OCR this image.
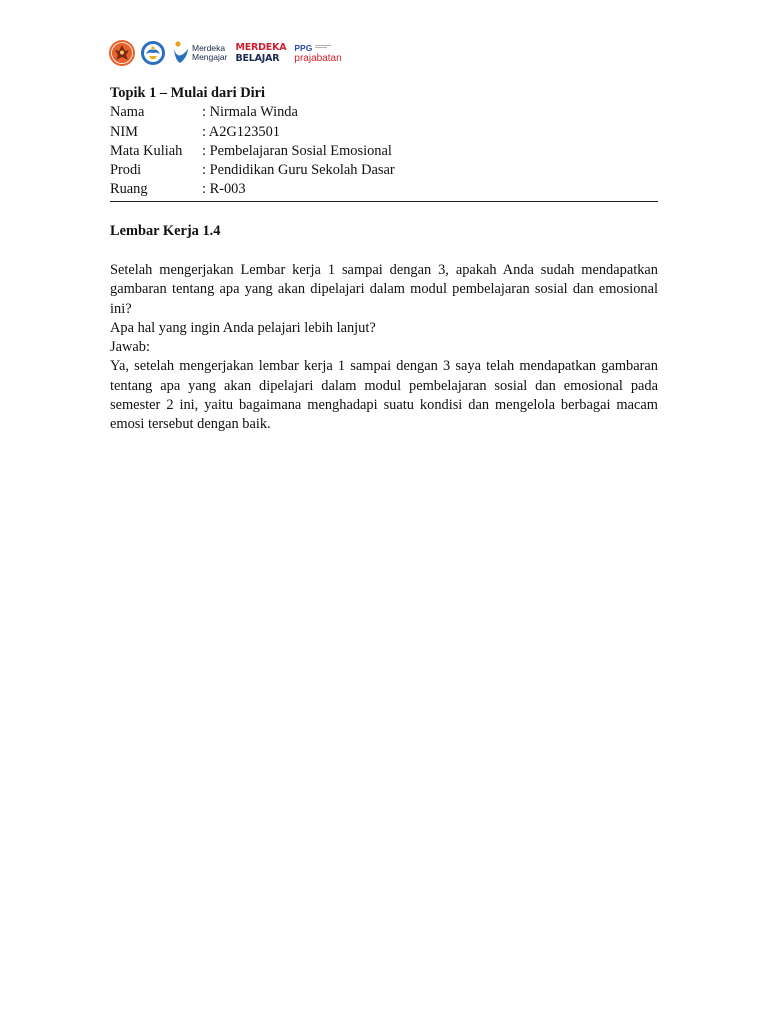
Merdeka
Mengajar
MERDEKA
BELAJAR
PPG
prajabatan
Topik 1 – Mulai dari Diri
Nama	: Nirmala Winda
NIM	: A2G123501
Mata Kuliah	: Pembelajaran Sosial Emosional
Prodi	: Pendidikan Guru Sekolah Dasar
Ruang	: R-003
Lembar Kerja 1.4

Setelah mengerjakan Lembar kerja 1 sampai dengan 3, apakah Anda sudah mendapatkan gambaran tentang apa yang akan dipelajari dalam modul pembelajaran sosial dan emosional ini?

Apa hal yang ingin Anda pelajari lebih lanjut?

Jawab:

Ya, setelah mengerjakan lembar kerja 1 sampai dengan 3 saya telah mendapatkan gambaran tentang apa yang akan dipelajari dalam modul pembelajaran sosial dan emosional pada semester 2 ini, yaitu bagaimana menghadapi suatu kondisi dan mengelola berbagai macam emosi tersebut dengan baik.
